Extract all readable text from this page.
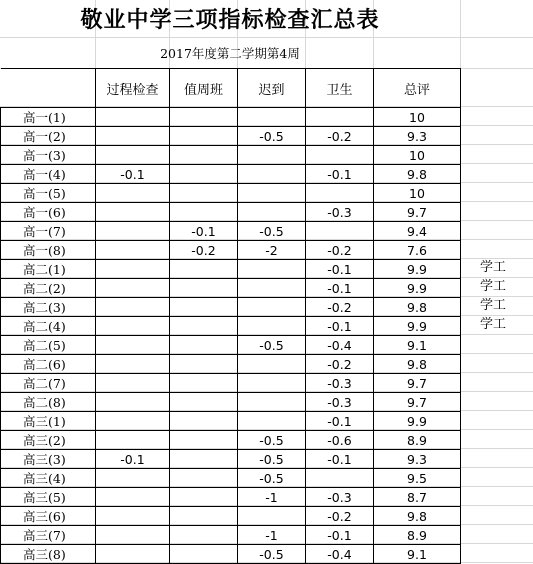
敬业中学三项指标检查汇总表
2017年度第二学期第4周
	过程检查	值周班	迟到	卫生	总评
高一(1)					10
高一(2)			-0.5	-0.2	9.3
高一(3)					10
高一(4)	-0.1			-0.1	9.8
高一(5)					10
高一(6)				-0.3	9.7
高一(7)		-0.1	-0.5		9.4
高一(8)		-0.2	-2	-0.2	7.6
高二(1)				-0.1	9.9
高二(2)				-0.1	9.9
高二(3)				-0.2	9.8
高二(4)				-0.1	9.9
高二(5)			-0.5	-0.4	9.1
高二(6)				-0.2	9.8
高二(7)				-0.3	9.7
高二(8)				-0.3	9.7
高三(1)				-0.1	9.9
高三(2)			-0.5	-0.6	8.9
高三(3)	-0.1		-0.5	-0.1	9.3
高三(4)			-0.5		9.5
高三(5)			-1	-0.3	8.7
高三(6)				-0.2	9.8
高三(7)			-1	-0.1	8.9
高三(8)			-0.5	-0.4	9.1
学工
学工
学工
学工
